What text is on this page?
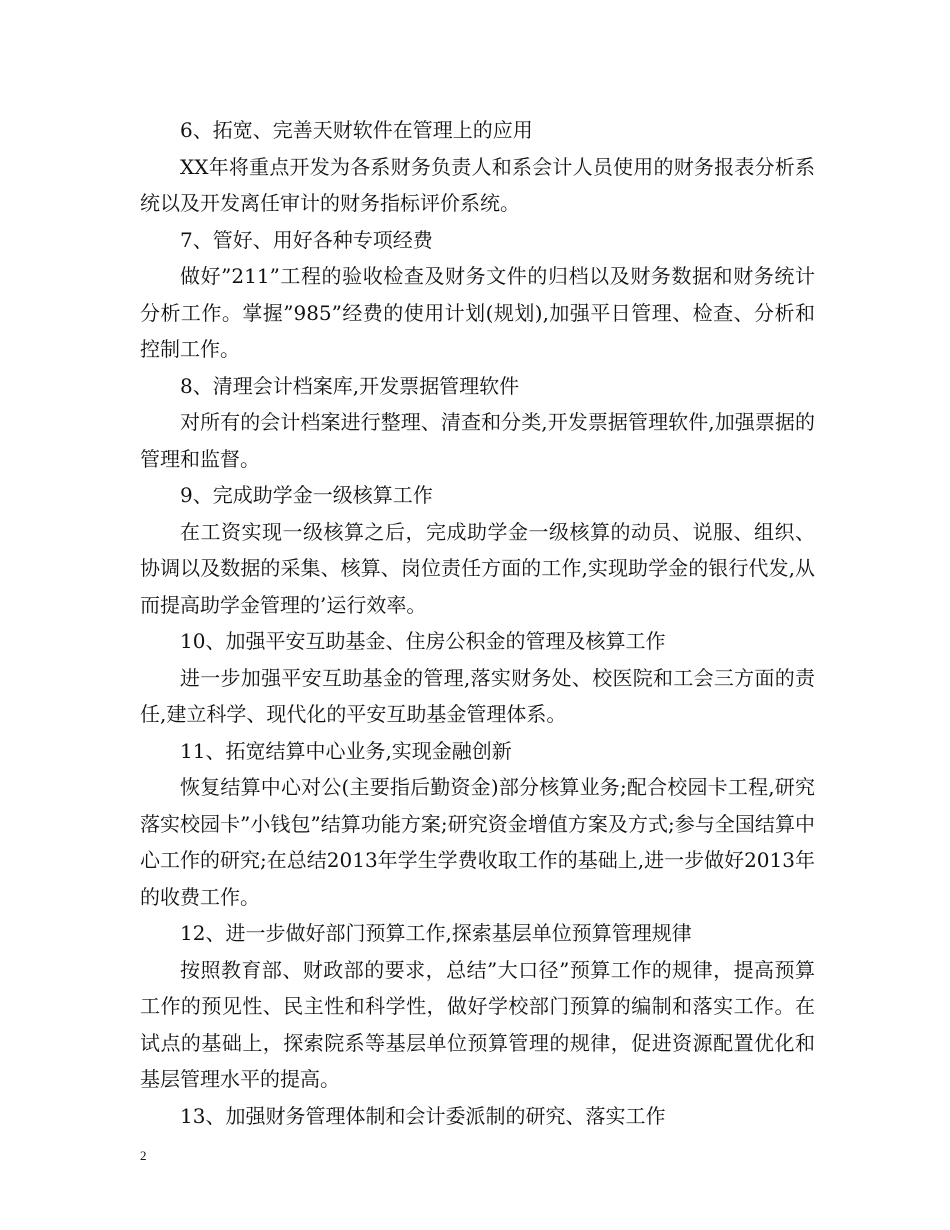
6、拓宽、完善天财软件在管理上的应用

XX年将重点开发为各系财务负责人和系会计人员使用的财务报表分析系统以及开发离任审计的财务指标评价系统。

7、管好、用好各种专项经费

做好”211”工程的验收检查及财务文件的归档以及财务数据和财务统计分析工作。掌握”985”经费的使用计划(规划),加强平日管理、检查、分析和控制工作。

8、清理会计档案库,开发票据管理软件

对所有的会计档案进行整理、清查和分类,开发票据管理软件,加强票据的管理和监督。

9、完成助学金一级核算工作

在工资实现一级核算之后，完成助学金一级核算的动员、说服、组织、协调以及数据的采集、核算、岗位责任方面的工作,实现助学金的银行代发,从而提高助学金管理的’运行效率。

10、加强平安互助基金、住房公积金的管理及核算工作

进一步加强平安互助基金的管理,落实财务处、校医院和工会三方面的责任,建立科学、现代化的平安互助基金管理体系。

11、拓宽结算中心业务,实现金融创新

恢复结算中心对公(主要指后勤资金)部分核算业务;配合校园卡工程,研究落实校园卡”小钱包”结算功能方案;研究资金增值方案及方式;参与全国结算中心工作的研究;在总结2013年学生学费收取工作的基础上,进一步做好2013年的收费工作。

12、进一步做好部门预算工作,探索基层单位预算管理规律

按照教育部、财政部的要求，总结”大口径”预算工作的规律，提高预算工作的预见性、民主性和科学性，做好学校部门预算的编制和落实工作。在试点的基础上，探索院系等基层单位预算管理的规律，促进资源配置优化和基层管理水平的提高。

13、加强财务管理体制和会计委派制的研究、落实工作

2
